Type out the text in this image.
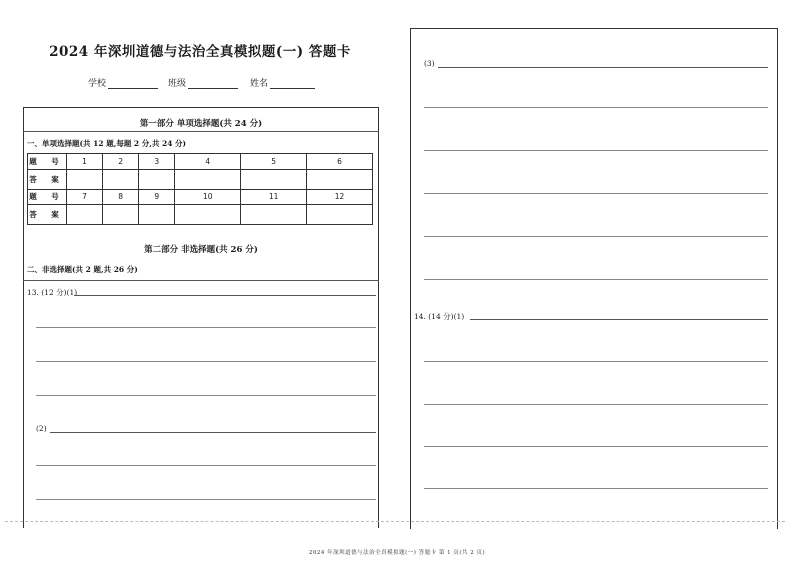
2024 年深圳道德与法治全真模拟题(一) 答题卡
学校	班级	姓名
第一部分 单项选择题(共 24 分)
一、单项选择题(共 12 题,每题 2 分,共 24 分)
题 号	1	2	3	4	5	6
答 案						
题 号	7	8	9	10	11	12
答 案						
第二部分 非选择题(共 26 分)
二、非选择题(共 2 题,共 26 分)
13. (12 分)(1)
(2)
(3)
14. (14 分)(1)
2024 年深圳道德与法治全真模拟题(一) 答题卡 第 1 页(共 2 页)
